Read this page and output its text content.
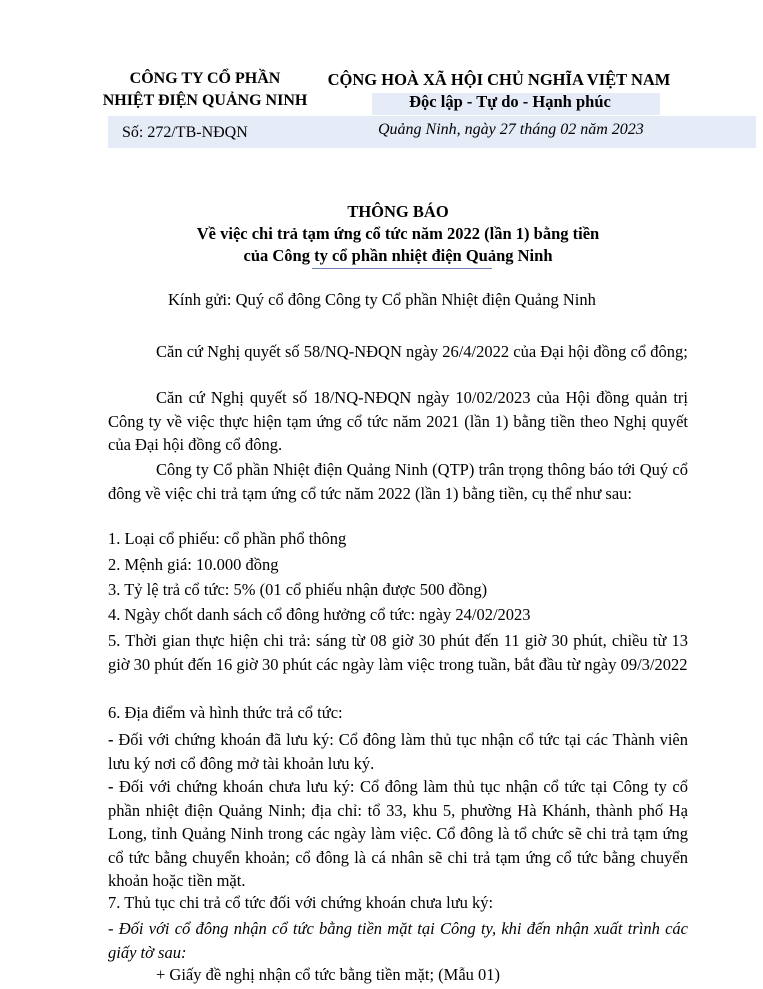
CÔNG TY CỔ PHẦN
NHIỆT ĐIỆN QUẢNG NINH
Số: 272/TB-NĐQN
CỘNG HOÀ XÃ HỘI CHỦ NGHĨA VIỆT NAM
Độc lập - Tự do - Hạnh phúc
Quảng Ninh, ngày 27 tháng 02 năm 2023
THÔNG BÁO
Về việc chi trả tạm ứng cổ tức năm 2022 (lần 1) bằng tiền
của Công ty cổ phần nhiệt điện Quảng Ninh
Kính gửi: Quý cổ đông Công ty Cổ phần Nhiệt điện Quảng Ninh
Căn cứ Nghị quyết số 58/NQ-NĐQN ngày 26/4/2022 của Đại hội đồng cổ đông;
Căn cứ Nghị quyết số 18/NQ-NĐQN ngày 10/02/2023 của Hội đồng quản trị Công ty về việc thực hiện tạm ứng cổ tức năm 2021 (lần 1) bằng tiền theo Nghị quyết của Đại hội đồng cổ đông.
Công ty Cổ phần Nhiệt điện Quảng Ninh (QTP) trân trọng thông báo tới Quý cổ đông về việc chi trả tạm ứng cổ tức năm 2022 (lần 1) bằng tiền, cụ thể như sau:
1. Loại cổ phiếu: cổ phần phổ thông
2. Mệnh giá: 10.000 đồng
3. Tỷ lệ trả cổ tức: 5% (01 cổ phiếu nhận được 500 đồng)
4. Ngày chốt danh sách cổ đông hưởng cổ tức: ngày 24/02/2023
5. Thời gian thực hiện chi trả: sáng từ 08 giờ 30 phút đến 11 giờ 30 phút, chiều từ 13 giờ 30 phút đến 16 giờ 30 phút các ngày làm việc trong tuần, bắt đầu từ ngày 09/3/2022
6. Địa điểm và hình thức trả cổ tức:
- Đối với chứng khoán đã lưu ký: Cổ đông làm thủ tục nhận cổ tức tại các Thành viên lưu ký nơi cổ đông mở tài khoản lưu ký.
- Đối với chứng khoán chưa lưu ký: Cổ đông làm thủ tục nhận cổ tức tại Công ty cổ phần nhiệt điện Quảng Ninh; địa chỉ: tổ 33, khu 5, phường Hà Khánh, thành phố Hạ Long, tỉnh Quảng Ninh trong các ngày làm việc. Cổ đông là tổ chức sẽ chi trả tạm ứng cổ tức bằng chuyển khoản; cổ đông là cá nhân sẽ chi trả tạm ứng cổ tức bằng chuyển khoản hoặc tiền mặt.
7. Thủ tục chi trả cổ tức đối với chứng khoán chưa lưu ký:
- Đối với cổ đông nhận cổ tức bằng tiền mặt tại Công ty, khi đến nhận xuất trình các giấy tờ sau:
+ Giấy đề nghị nhận cổ tức bằng tiền mặt; (Mẫu 01)
